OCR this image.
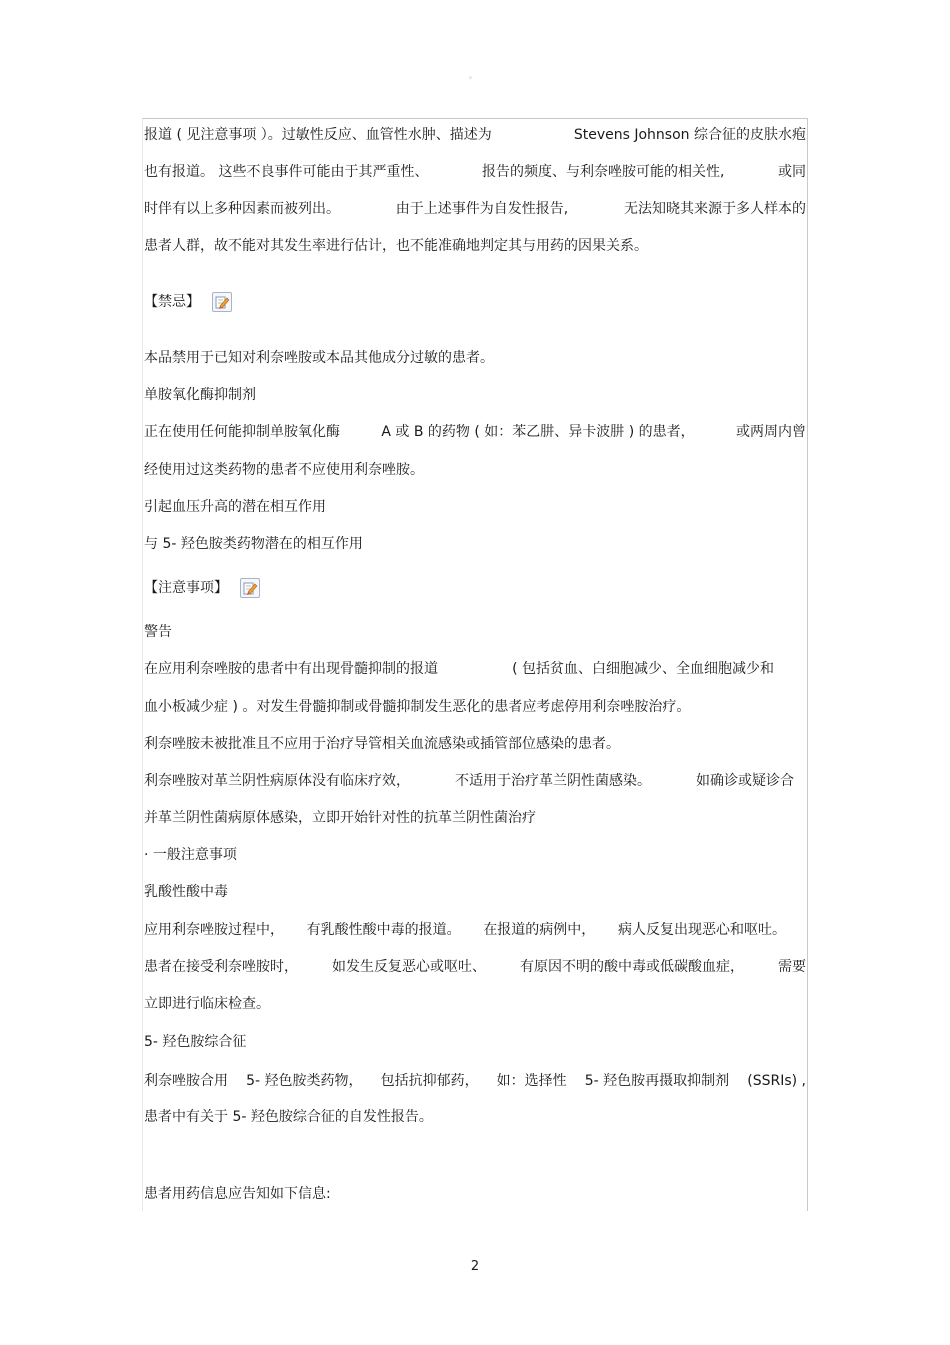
。
报道 ( 见注意事项 ）。过敏性反应、血管性水肿、描述为	Stevens Johnson 综合征的皮肤水疱
也有报道。 这些不良事件可能由于其严重性、	报告的频度、与利奈唑胺可能的相关性,	或同
时伴有以上多种因素而被列出。	由于上述事件为自发性报告,	无法知晓其来源于多人样本的
患者人群，故不能对其发生率进行估计，也不能准确地判定其与用药的因果关系。
【禁忌】
本品禁用于已知对利奈唑胺或本品其他成分过敏的患者。
单胺氧化酶抑制剂
正在使用任何能抑制单胺氧化酶	A 或 B 的药物 ( 如：苯乙肼、异卡波肼 ) 的患者，	或两周内曾
经使用过这类药物的患者不应使用利奈唑胺。
引起血压升高的潜在相互作用
与 5- 羟色胺类药物潜在的相互作用
【注意事项】
警告
在应用利奈唑胺的患者中有出现骨髓抑制的报道	( 包括贫血、白细胞减少、全血细胞减少和
血小板减少症 ) 。对发生骨髓抑制或骨髓抑制发生恶化的患者应考虑停用利奈唑胺治疗。
利奈唑胺未被批准且不应用于治疗导管相关血流感染或插管部位感染的患者。
利奈唑胺对革兰阴性病原体没有临床疗效，	不适用于治疗革兰阴性菌感染。	如确诊或疑诊合
并革兰阴性菌病原体感染，立即开始针对性的抗革兰阴性菌治疗
· 一般注意事项
乳酸性酸中毒
应用利奈唑胺过程中， 有乳酸性酸中毒的报道。 在报道的病例中， 病人反复出现恶心和呕吐。
患者在接受利奈唑胺时， 如发生反复恶心或呕吐、 有原因不明的酸中毒或低碳酸血症， 需要
立即进行临床检查。
5- 羟色胺综合征
利奈唑胺合用 5- 羟色胺类药物， 包括抗抑郁药， 如：选择性 5- 羟色胺再摄取抑制剂 (SSRIs) ,
患者中有关于 5- 羟色胺综合征的自发性报告。
患者用药信息应告知如下信息:
2
